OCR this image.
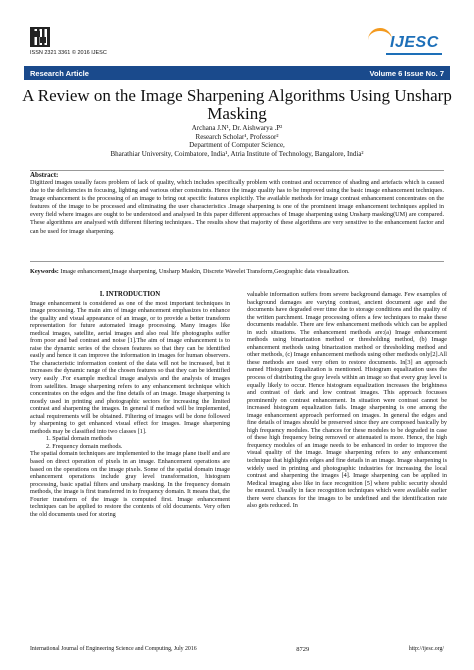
ISSN 2321 3361 © 2016 IJESC
IJESC
Research Article	Volume 6 Issue No. 7
A Review on the Image Sharpening Algorithms Using Unsharp Masking
Archana J.N¹, Dr. Aishwarya .P²
Research Scholar¹, Professor²
Department of Computer Science,
Bharathiar University, Coimbatore, India¹, Atria Institute of Technology, Bangalore, India²
Abstract:
Digitized images usually faces problem of lack of quality, which includes specifically problem with contrast and occurrence of shading and artefacts which is caused due to the deficiencies in focusing, lighting and various other constraints. Hence the image quality has to be improved using the basic image enhancement techniques. Image enhancement is the processing of an image to bring out specific features explicitly. The available methods for image contrast enhancement concentrates on the features of the image to be processed and eliminating the user characteristics .Image sharpening is one of the prominent image enhancement techniques applied in every field where images are ought to be understood and analysed In this paper different approaches of Image sharpening using Unsharp masking(UM) are compared. These algorithms are analysed with different filtering techniques.. The results show that majority of these algorithms are very sensitive to the enhancement factor and can be used for image sharpening.
Keywords: Image enhancement,Image sharpening, Unsharp Maskin, Discrete Wavelet Transform,Geographic data visualization.
I. INTRODUCTION

Image enhancement is considered as one of the most important techniques in image processing. The main aim of image enhancement emphasizes to enhance the quality and visual appearance of an image, or to provide a better transform representation for future automated image processing. Many images like medical images, satellite, aerial images and also real life photographs suffer from poor and bad contrast and noise [1].The aim of image enhancement is to raise the dynamic series of the chosen features so that they can be identified easily and hence it can improve the information in images for human observers. The characteristic information content of the data will not be increased, but it increases the dynamic range of the chosen features so that they can be identified very easily .For example medical image analysis and the analysis of images from satellites. Image sharpening refers to any enhancement technique which concentrates on the edges and the fine details of an image. Image sharpening is mostly used in printing and photographic sectors for increasing the limited contrast and sharpening the images. In general if method will be implemented, actual requirements will be obtained. Filtering of images will be done followed by sharpening to get enhanced visual effect for images. Image sharpening methods may be classified into two classes [1].

1. Spatial domain methods
2. Frequency domain methods.

The spatial domain techniques are implemented to the image plane itself and are based on direct operation of pixels in an image. Enhancement operations are based on the operations on the image pixels. Some of the spatial domain image enhancement operations include gray level transformation, histogram processing, basic spatial filters and unsharp masking. In the frequency domain methods, the image is first transferred in to frequency domain. It means that, the Fourier transform of the image is computed first. Image enhancement techniques can be applied to restore the contents of old documents. Very often the old documents used for storing

valuable information suffers from severe background damage. Few examples of background damages are varying contrast, ancient document age and the documents have degraded over time due to storage conditions and the quality of the written parchment. Image processing offers a few techniques to make these documents readable. There are few enhancement methods which can be applied in such situations. The enhancement methods are:(a) Image enhancement methods using binarization method or thresholding method, (b) Image enhancement methods using binarization method or thresholding method and other methods, (c) Image enhancement methods using other methods only[2].All these methods are used very often to restore documents. In[3] an approach named Histogram Equalization is mentioned. Histogram equalization uses the process of distributing the gray levels within an image so that every gray level is equally likely to occur. Hence histogram equalization increases the brightness and contrast of dark and low contrast images. This approach focusses prominently on contrast enhancement. In situation were contrast cannot be increased histogram equalization fails. Image sharpening is one among the image enhancement approach performed on images. In general the edges and fine details of images should be preserved since they are composed basically by high frequency modules. The chances for these modules to be degraded in case of these high frequency being removed or attenuated is more. Hence, the high frequency modules of an image needs to be enhanced in order to improve the visual quality of the image. Image sharpening refers to any enhancement technique that highlights edges and fine details in an image. Image sharpening is widely used in printing and photographic industries for increasing the local contrast and sharpening the images [4]. Image sharpening can be applied in Medical imaging also like in face recognition [5] where public security should be ensured. Usually in face recognition techniques which were available earlier there were chances for the images to be undefined and the identification rate also gets reduced. In

International Journal of Engineering Science and Computing, July 2016	8729	http://ijesc.org/
